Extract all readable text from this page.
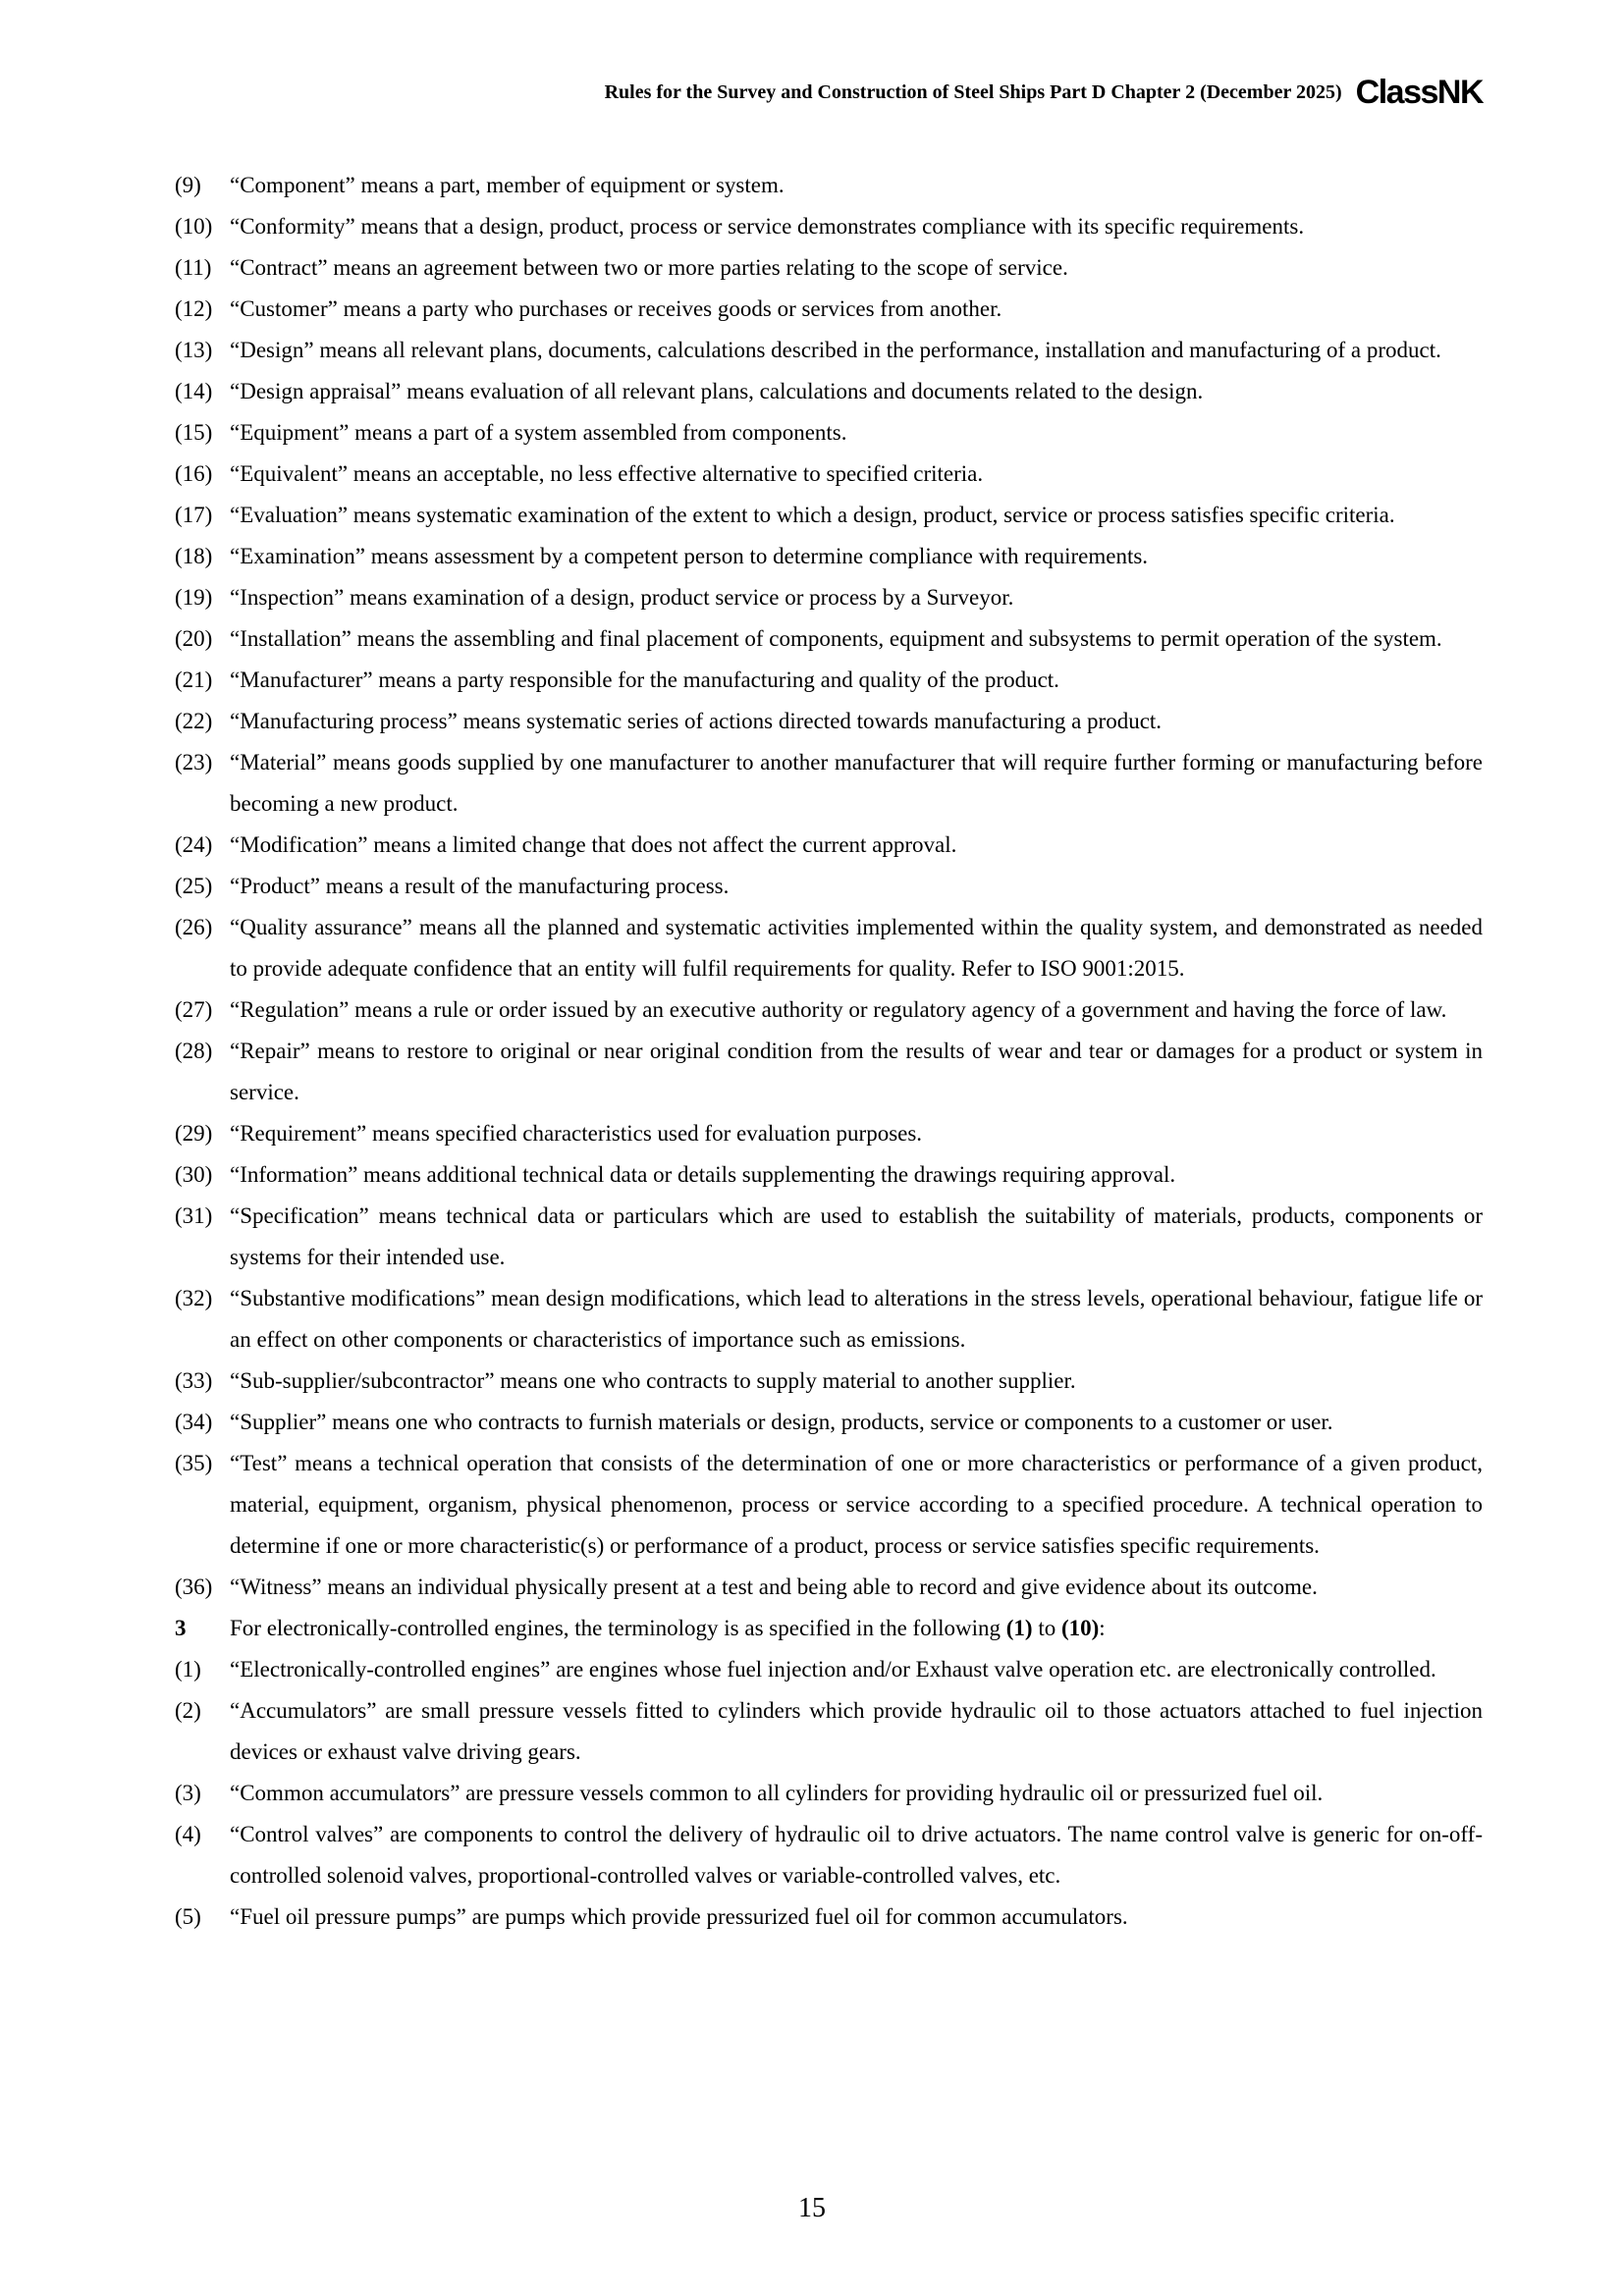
Rules for the Survey and Construction of Steel Ships Part D Chapter 2 (December 2025) ClassNK
(9) “Component” means a part, member of equipment or system.
(10) “Conformity” means that a design, product, process or service demonstrates compliance with its specific requirements.
(11) “Contract” means an agreement between two or more parties relating to the scope of service.
(12) “Customer” means a party who purchases or receives goods or services from another.
(13) “Design” means all relevant plans, documents, calculations described in the performance, installation and manufacturing of a product.
(14) “Design appraisal” means evaluation of all relevant plans, calculations and documents related to the design.
(15) “Equipment” means a part of a system assembled from components.
(16) “Equivalent” means an acceptable, no less effective alternative to specified criteria.
(17) “Evaluation” means systematic examination of the extent to which a design, product, service or process satisfies specific criteria.
(18) “Examination” means assessment by a competent person to determine compliance with requirements.
(19) “Inspection” means examination of a design, product service or process by a Surveyor.
(20) “Installation” means the assembling and final placement of components, equipment and subsystems to permit operation of the system.
(21) “Manufacturer” means a party responsible for the manufacturing and quality of the product.
(22) “Manufacturing process” means systematic series of actions directed towards manufacturing a product.
(23) “Material” means goods supplied by one manufacturer to another manufacturer that will require further forming or manufacturing before becoming a new product.
(24) “Modification” means a limited change that does not affect the current approval.
(25) “Product” means a result of the manufacturing process.
(26) “Quality assurance” means all the planned and systematic activities implemented within the quality system, and demonstrated as needed to provide adequate confidence that an entity will fulfil requirements for quality. Refer to ISO 9001:2015.
(27) “Regulation” means a rule or order issued by an executive authority or regulatory agency of a government and having the force of law.
(28) “Repair” means to restore to original or near original condition from the results of wear and tear or damages for a product or system in service.
(29) “Requirement” means specified characteristics used for evaluation purposes.
(30) “Information” means additional technical data or details supplementing the drawings requiring approval.
(31) “Specification” means technical data or particulars which are used to establish the suitability of materials, products, components or systems for their intended use.
(32) “Substantive modifications” mean design modifications, which lead to alterations in the stress levels, operational behaviour, fatigue life or an effect on other components or characteristics of importance such as emissions.
(33) “Sub-supplier/subcontractor” means one who contracts to supply material to another supplier.
(34) “Supplier” means one who contracts to furnish materials or design, products, service or components to a customer or user.
(35) “Test” means a technical operation that consists of the determination of one or more characteristics or performance of a given product, material, equipment, organism, physical phenomenon, process or service according to a specified procedure. A technical operation to determine if one or more characteristic(s) or performance of a product, process or service satisfies specific requirements.
(36) “Witness” means an individual physically present at a test and being able to record and give evidence about its outcome.
3 For electronically-controlled engines, the terminology is as specified in the following (1) to (10):
(1) “Electronically-controlled engines” are engines whose fuel injection and/or Exhaust valve operation etc. are electronically controlled.
(2) “Accumulators” are small pressure vessels fitted to cylinders which provide hydraulic oil to those actuators attached to fuel injection devices or exhaust valve driving gears.
(3) “Common accumulators” are pressure vessels common to all cylinders for providing hydraulic oil or pressurized fuel oil.
(4) “Control valves” are components to control the delivery of hydraulic oil to drive actuators. The name control valve is generic for on-off-controlled solenoid valves, proportional-controlled valves or variable-controlled valves, etc.
(5) “Fuel oil pressure pumps” are pumps which provide pressurized fuel oil for common accumulators.
15
